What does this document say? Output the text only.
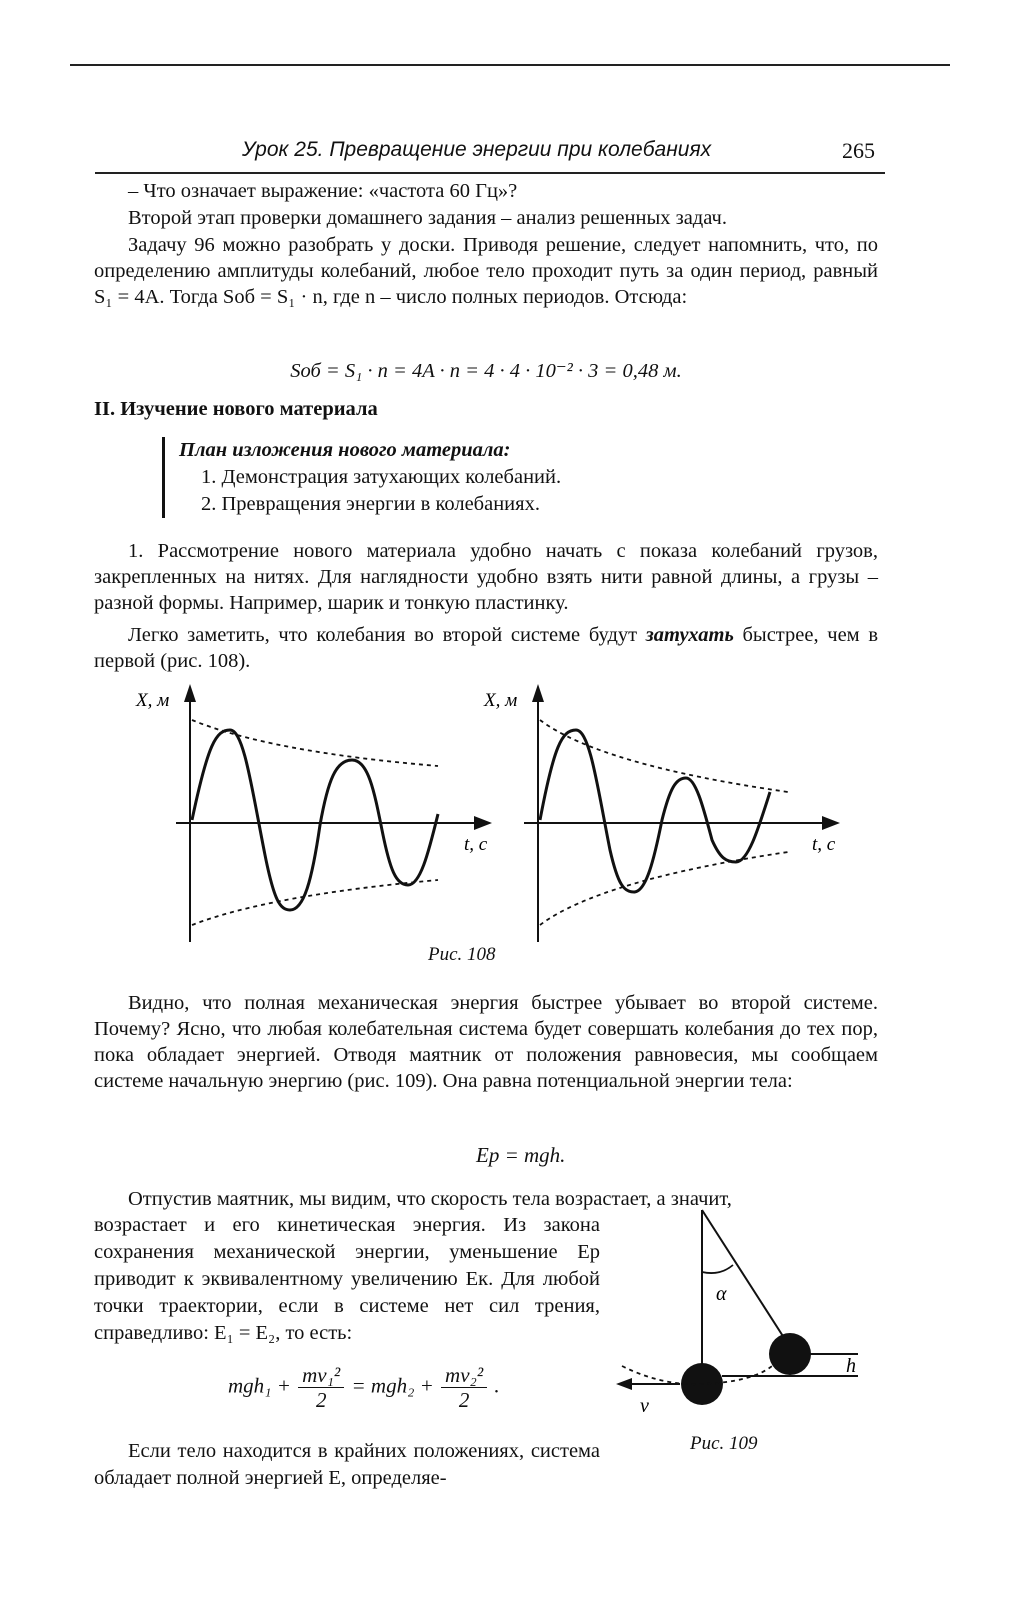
Урок 25. Превращение энергии при колебаниях	265
– Что означает выражение: «частота 60 Гц»?
Второй этап проверки домашнего задания – анализ решенных задач.
Задачу 96 можно разобрать у доски. Приводя решение, следует напомнить, что, по определению амплитуды колебаний, любое тело проходит путь за один период, равный S₁ = 4A. Тогда Sоб = S₁ · n, где n – число полных периодов. Отсюда:
Sоб = S₁ · n = 4A · n = 4 · 4 · 10⁻² · 3 = 0,48 м.
II. Изучение нового материала
План изложения нового материала:
1. Демонстрация затухающих колебаний.
2. Превращения энергии в колебаниях.
1. Рассмотрение нового материала удобно начать с показа колебаний грузов, закрепленных на нитях. Для наглядности удобно взять нити равной длины, а грузы – разной формы. Например, шарик и тонкую пластинку.
Легко заметить, что колебания во второй системе будут затухать быстрее, чем в первой (рис. 108).
X, м
t, c
X, м
t, c
Рис. 108
Видно, что полная механическая энергия быстрее убывает во второй системе. Почему? Ясно, что любая колебательная система будет совершать колебания до тех пор, пока обладает энергией. Отводя маятник от положения равновесия, мы сообщаем системе начальную энергию (рис. 109). Она равна потенциальной энергии тела:
Eр = mgh.
Отпустив маятник, мы видим, что скорость тела возрастает, а значит,
возрастает и его кинетическая энергия. Из закона сохранения механической энергии, уменьшение Eр приводит к эквивалентному увеличению Eк. Для любой точки траектории, если в системе нет сил трения, справедливо: E₁ = E₂, то есть:
$mgh_1 + \frac{\text{mv₁²}}{2} = mgh_2 + \frac{\text{mv₂²}}{2}$ .
Если тело находится в крайних положениях, система обладает полной энергией E, определяе-
α
h
v
Рис. 109
